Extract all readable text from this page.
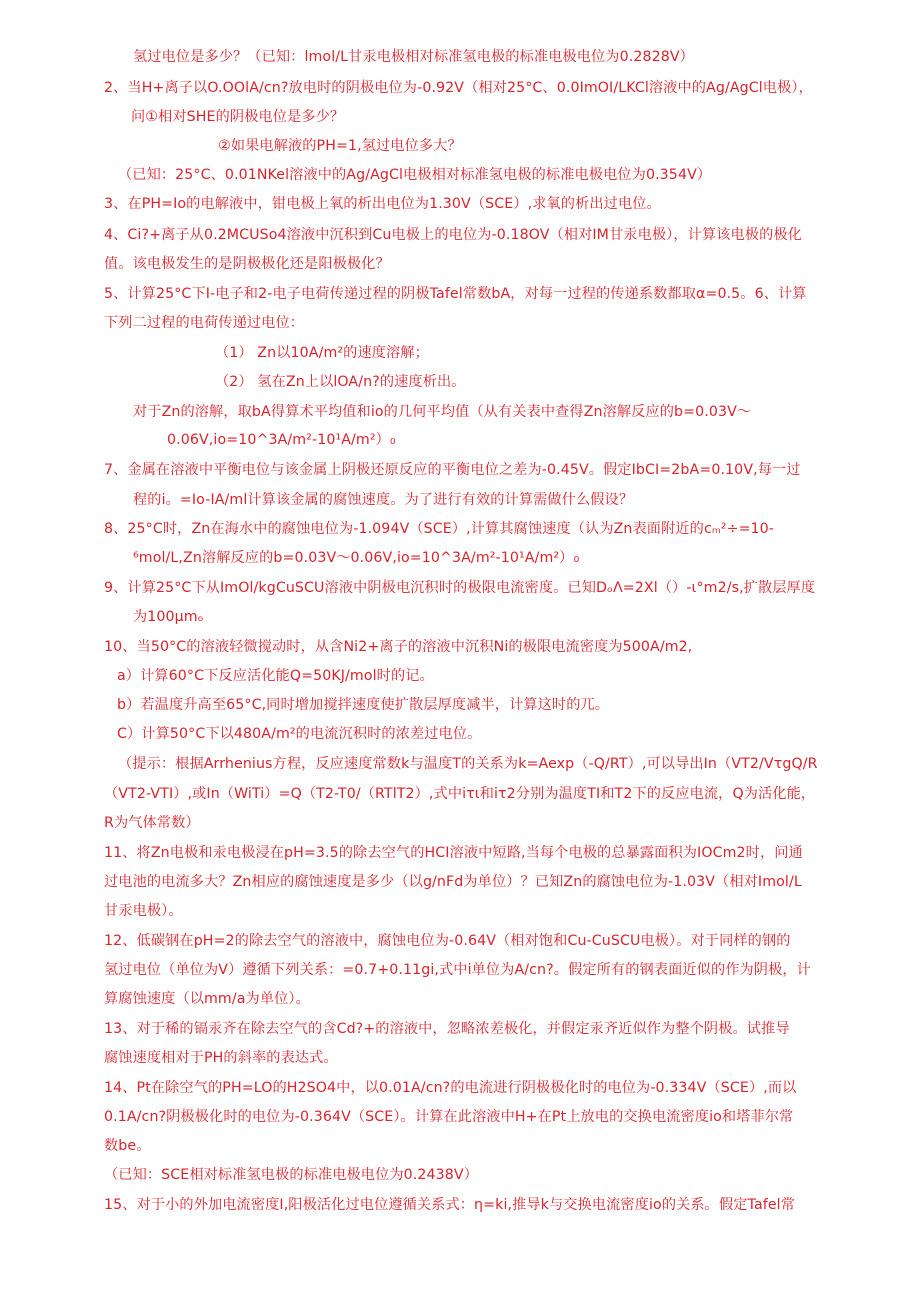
氢过电位是多少？（已知：lmol/L甘汞电极相对标准氢电极的标准电极电位为0.2828V）
2、当H+离子以O.OOlA/cn?放电时的阴极电位为-0.92V（相对25°C、0.0ImOI/LKCl溶液中的Ag/AgCl电极），
问①相对SHE的阴极电位是多少？
②如果电解液的PH=1,氢过电位多大？
（已知：25°C、0.01NKel溶液中的Ag/AgCl电极相对标准氢电极的标准电极电位为0.354V）
3、在PH=Io的电解液中，钳电极上氧的析出电位为1.30V（SCE）,求氧的析出过电位。
4、Ci?+离子从0.2MCUSo4溶液中沉积到Cu电极上的电位为-0.18OV（相对IM甘汞电极），计算该电极的极化
值。该电极发生的是阴极极化还是阳极极化？
5、计算25°C下I-电子和2-电子电荷传递过程的阴极Tafel常数bA，对每一过程的传递系数都取α=0.5。6、计算
下列二过程的电荷传递过电位：
（1） Zn以10A/m²的速度溶解；
（2） 氢在Zn上以lOA/n?的速度析出。
对于Zn的溶解，取bA得算术平均值和io的几何平均值（从有关表中查得Zn溶解反应的b=0.03V～
0.06V,io=10^3A/m²-10¹A/m²）₀
7、金属在溶液中平衡电位与该金属上阴极还原反应的平衡电位之差为-0.45V。假定IbCI=2bA=0.10V,每一过
程的i。=Io-IA/ml计算该金属的腐蚀速度。为了进行有效的计算需做什么假设？
8、25°C时，Zn在海水中的腐蚀电位为-1.094V（SCE）,计算其腐蚀速度（认为Zn表面附近的cₘ²÷=10-
⁶mol/L,Zn溶解反应的b=0.03V～0.06V,io=10^3A/m²-10¹A/m²）₀
9、计算25°C下从ImOl/kgCuSCU溶液中阴极电沉积时的极限电流密度。已知DₒΛ=2Xl（）-ι°m2/s,扩散层厚度
为100μmₒ
10、当50°C的溶液轻微搅动时，从含Ni2+离子的溶液中沉积Ni的极限电流密度为500A/m2,
a）计算60°C下反应活化能Q=50KJ/mol时的记。
b）若温度升高至65°C,同时增加搅拌速度使扩散层厚度减半，计算这时的兀。
C）计算50°C下以480A/m²的电流沉积时的浓差过电位。
（提示：根据Arrhenius方程，反应速度常数k与温度T的关系为k=Aexp（-Q/RT）,可以导出In（VT2/VτgQ/R
（VT2-VTI）,或In（WiTi）=Q（T2-T0/（RTlT2）,式中iτι和iτ2分别为温度TI和T2下的反应电流，Q为活化能，
R为气体常数）
11、将Zn电极和汞电极浸在pH=3.5的除去空气的HCI溶液中短路,当每个电极的总暴露面积为IOCm2时，问通
过电池的电流多大？Zn相应的腐蚀速度是多少（以g/nFd为单位）？已知Zn的腐蚀电位为-1.03V（相对Imol/L
甘汞电极）。
12、低碳钢在pH=2的除去空气的溶液中，腐蚀电位为-0.64V（相对饱和Cu-CuSCU电极）。对于同样的钢的
氢过电位（单位为V）遵循下列关系：=0.7+0.11gi,式中i单位为A/cn?。假定所有的钢表面近似的作为阴极，计
算腐蚀速度（以mm/a为单位）。
13、对于稀的镉汞齐在除去空气的含Cd?+的溶液中，忽略浓差极化，并假定汞齐近似作为整个阴极。试推导
腐蚀速度相对于PH的斜率的表达式。
14、Pt在除空气的PH=LO的H2SO4中，以0.01A/cn?的电流进行阴极极化时的电位为-0.334V（SCE）,而以
0.1A/cn?阴极极化时的电位为-0.364V（SCE）。计算在此溶液中H+在Pt上放电的交换电流密度io和塔菲尔常
数be。
（已知：SCE相对标准氢电极的标准电极电位为0.2438V）
15、对于小的外加电流密度I,阳极活化过电位遵循关系式：η=ki,推导k与交换电流密度io的关系。假定Tafel常
